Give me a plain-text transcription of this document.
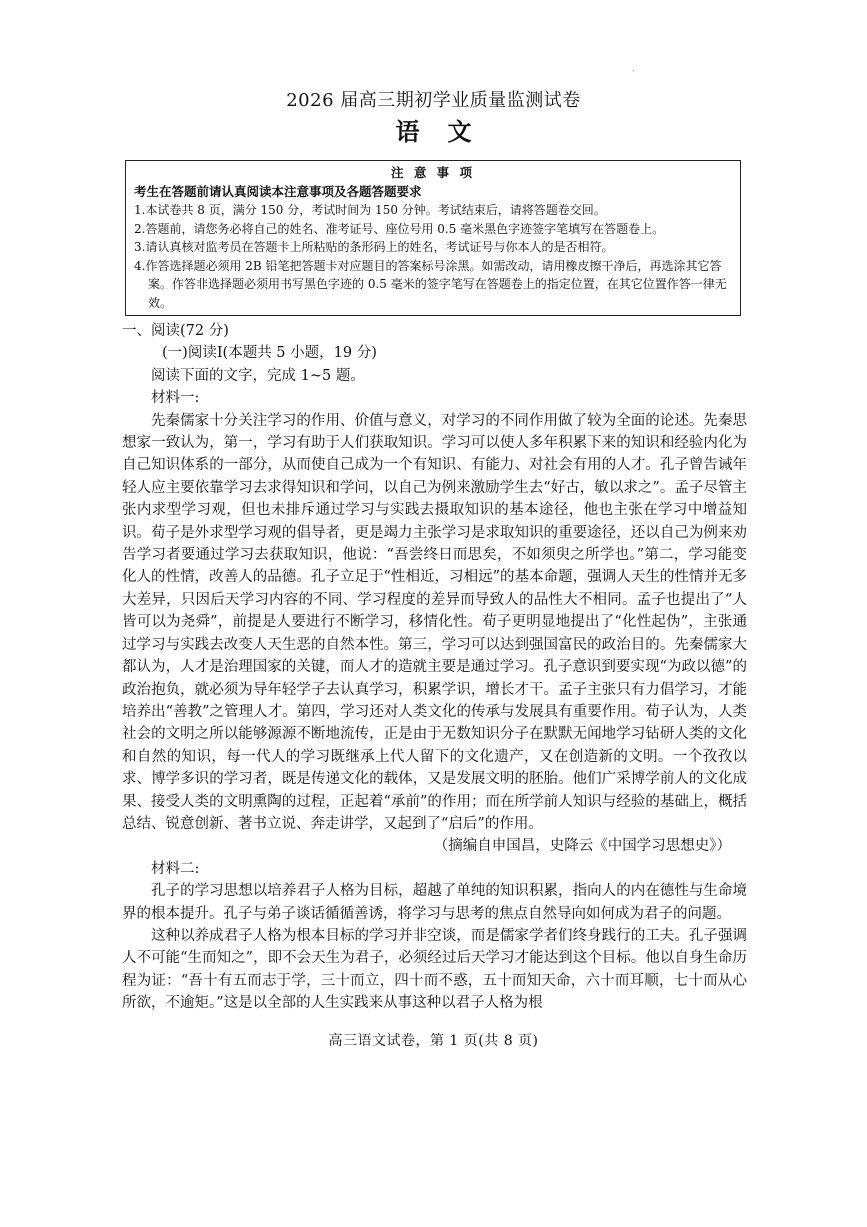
.
2026 届高三期初学业质量监测试卷
语文
注 意 事 项
考生在答题前请认真阅读本注意事项及各题答题要求
1.本试卷共 8 页，满分 150 分，考试时间为 150 分钟。考试结束后，请将答题卷交回。
2.答题前，请您务必将自己的姓名、准考证号、座位号用 0.5 毫米黑色字迹签字笔填写在答题卷上。
3.请认真核对监考员在答题卡上所粘贴的条形码上的姓名，考试证号与你本人的是否相符。
4.作答选择题必须用 2B 铅笔把答题卡对应题目的答案标号涂黑。如需改动，请用橡皮擦干净后，再选涂其它答案。作答非选择题必须用书写黑色字迹的 0.5 毫米的签字笔写在答题卷上的指定位置，在其它位置作答一律无效。

一、阅读(72 分)

(一)阅读Ⅰ(本题共 5 小题，19 分)

阅读下面的文字，完成 1~5 题。

材料一:

先秦儒家十分关注学习的作用、价值与意义，对学习的不同作用做了较为全面的论述。先秦思想家一致认为，第一，学习有助于人们获取知识。学习可以使人多年积累下来的知识和经验内化为自己知识体系的一部分，从而使自己成为一个有知识、有能力、对社会有用的人才。孔子曾告诫年轻人应主要依靠学习去求得知识和学问，以自己为例来激励学生去“好古，敏以求之”。孟子尽管主张内求型学习观，但也未排斥通过学习与实践去摄取知识的基本途径，他也主张在学习中增益知识。荀子是外求型学习观的倡导者，更是竭力主张学习是求取知识的重要途径，还以自己为例来劝告学习者要通过学习去获取知识，他说：“吾尝终日而思矣，不如须臾之所学也。”第二，学习能变化人的性情，改善人的品德。孔子立足于“性相近，习相远”的基本命题，强调人天生的性情并无多大差异，只因后天学习内容的不同、学习程度的差异而导致人的品性大不相同。孟子也提出了“人皆可以为尧舜”，前提是人要进行不断学习，移情化性。荀子更明显地提出了“化性起伪”，主张通过学习与实践去改变人天生恶的自然本性。第三，学习可以达到强国富民的政治目的。先秦儒家大都认为，人才是治理国家的关键，而人才的造就主要是通过学习。孔子意识到要实现“为政以德”的政治抱负，就必须为导年轻学子去认真学习，积累学识，增长才干。孟子主张只有力倡学习，才能培养出“善教”之管理人才。第四，学习还对人类文化的传承与发展具有重要作用。荀子认为，人类社会的文明之所以能够源源不断地流传，正是由于无数知识分子在默默无闻地学习钻研人类的文化和自然的知识，每一代人的学习既继承上代人留下的文化遗产，又在创造新的文明。一个孜孜以求、博学多识的学习者，既是传递文化的载体，又是发展文明的胚胎。他们广采博学前人的文化成果、接受人类的文明熏陶的过程，正起着“承前”的作用；而在所学前人知识与经验的基础上，概括总结、锐意创新、著书立说、奔走讲学，又起到了“启后”的作用。

（摘编自申国昌，史降云《中国学习思想史》）

材料二:

孔子的学习思想以培养君子人格为目标，超越了单纯的知识积累，指向人的内在德性与生命境界的根本提升。孔子与弟子谈话循循善诱，将学习与思考的焦点自然导向如何成为君子的问题。

这种以养成君子人格为根本目标的学习并非空谈，而是儒家学者们终身践行的工夫。孔子强调人不可能“生而知之”，即不会天生为君子，必须经过后天学习才能达到这个目标。他以自身生命历程为证：“吾十有五而志于学，三十而立，四十而不惑，五十而知天命，六十而耳顺，七十而从心所欲，不逾矩。”这是以全部的人生实践来从事这种以君子人格为根

高三语文试卷，第 1 页(共 8 页)
